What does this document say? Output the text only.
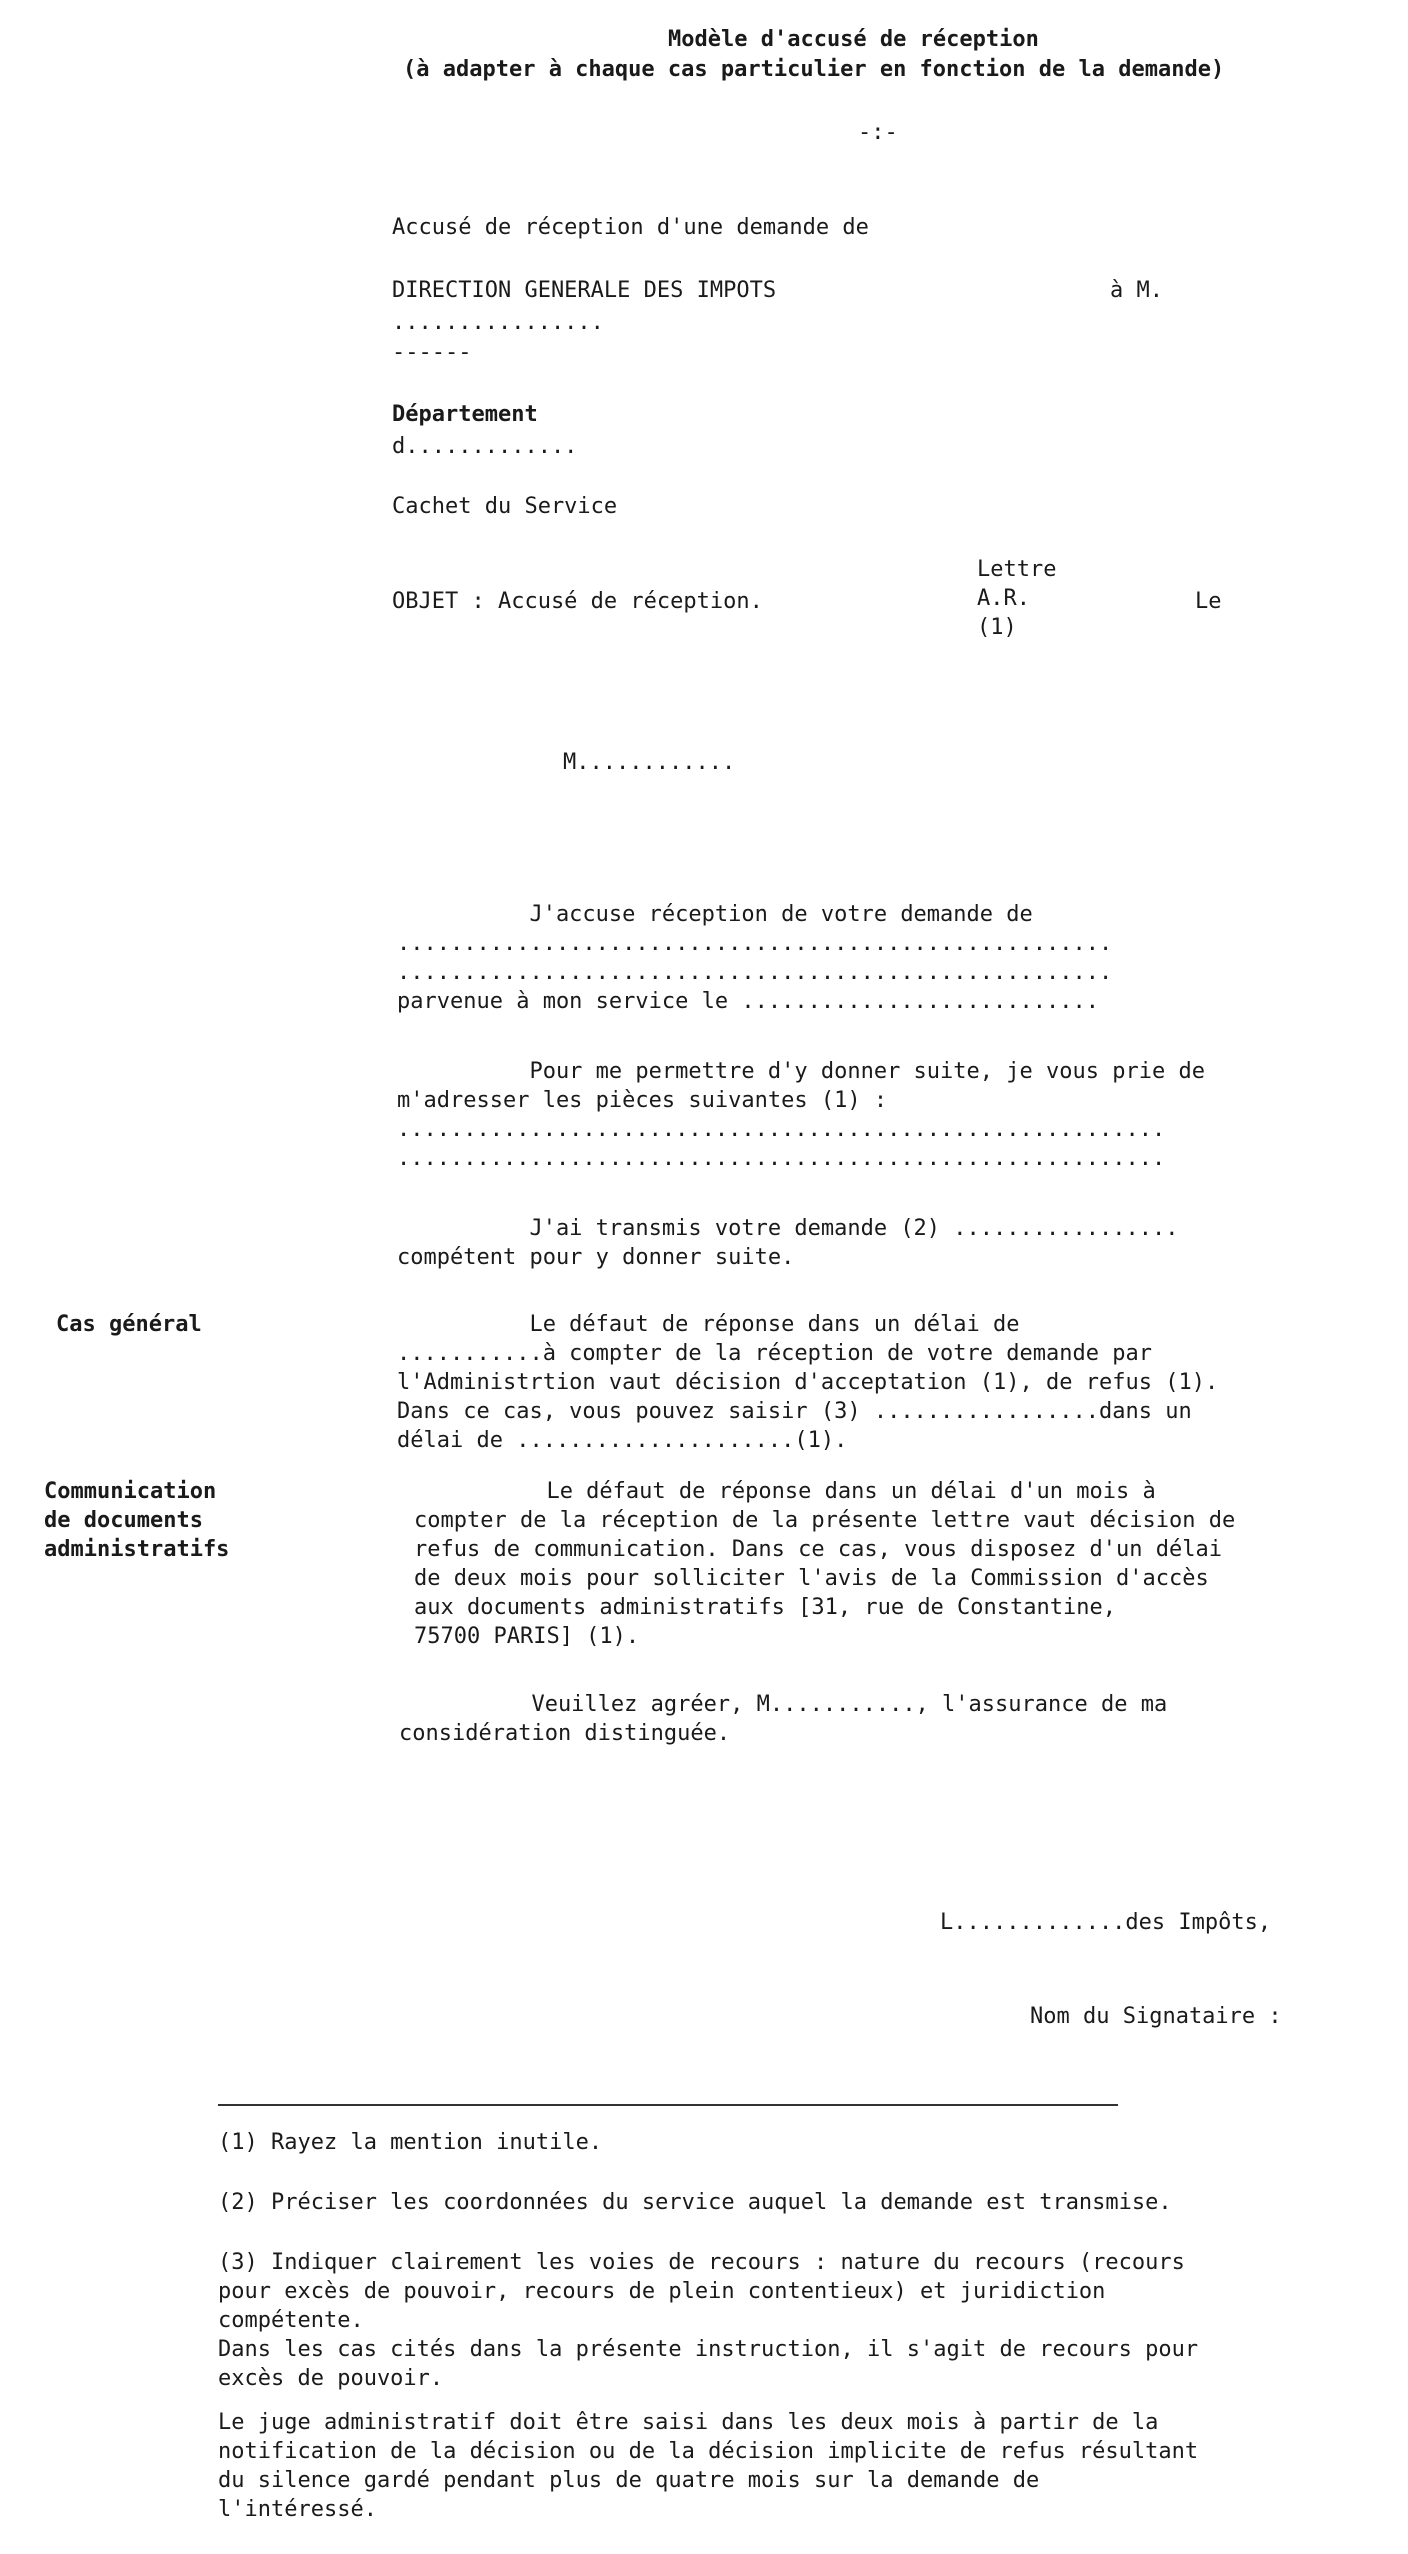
Modèle d'accusé de réception
(à adapter à chaque cas particulier en fonction de la demande)
-:-
Accusé de réception d'une demande de
DIRECTION GENERALE DES IMPOTS	à M.
................
------
Département
d.............
Cachet du Service
OBJET : Accusé de réception.
Lettre
A.R.
(1)
Le
M............
J'accuse réception de votre demande de
......................................................
......................................................
parvenue à mon service le ...........................
Pour me permettre d'y donner suite, je vous prie de
m'adresser les pièces suivantes (1) :
..........................................................
..........................................................
J'ai transmis votre demande (2) .................
compétent pour y donner suite.
Cas général	Le défaut de réponse dans un délai de
...........à compter de la réception de votre demande par
l'Administrtion vaut décision d'acceptation (1), de refus (1).
Dans ce cas, vous pouvez saisir (3) .................dans un
délai de .....................(1).
Communication
de documents
administratifs
Le défaut de réponse dans un délai d'un mois à
compter de la réception de la présente lettre vaut décision de
refus de communication. Dans ce cas, vous disposez d'un délai
de deux mois pour solliciter l'avis de la Commission d'accès
aux documents administratifs [31, rue de Constantine,
75700 PARIS] (1).
Veuillez agréer, M..........., l'assurance de ma
considération distinguée.
L.............des Impôts,
Nom du Signataire :
(1) Rayez la mention inutile.
(2) Préciser les coordonnées du service auquel la demande est transmise.
(3) Indiquer clairement les voies de recours : nature du recours (recours
pour excès de pouvoir, recours de plein contentieux) et juridiction
compétente.
Dans les cas cités dans la présente instruction, il s'agit de recours pour
excès de pouvoir.
Le juge administratif doit être saisi dans les deux mois à partir de la
notification de la décision ou de la décision implicite de refus résultant
du silence gardé pendant plus de quatre mois sur la demande de
l'intéressé.
